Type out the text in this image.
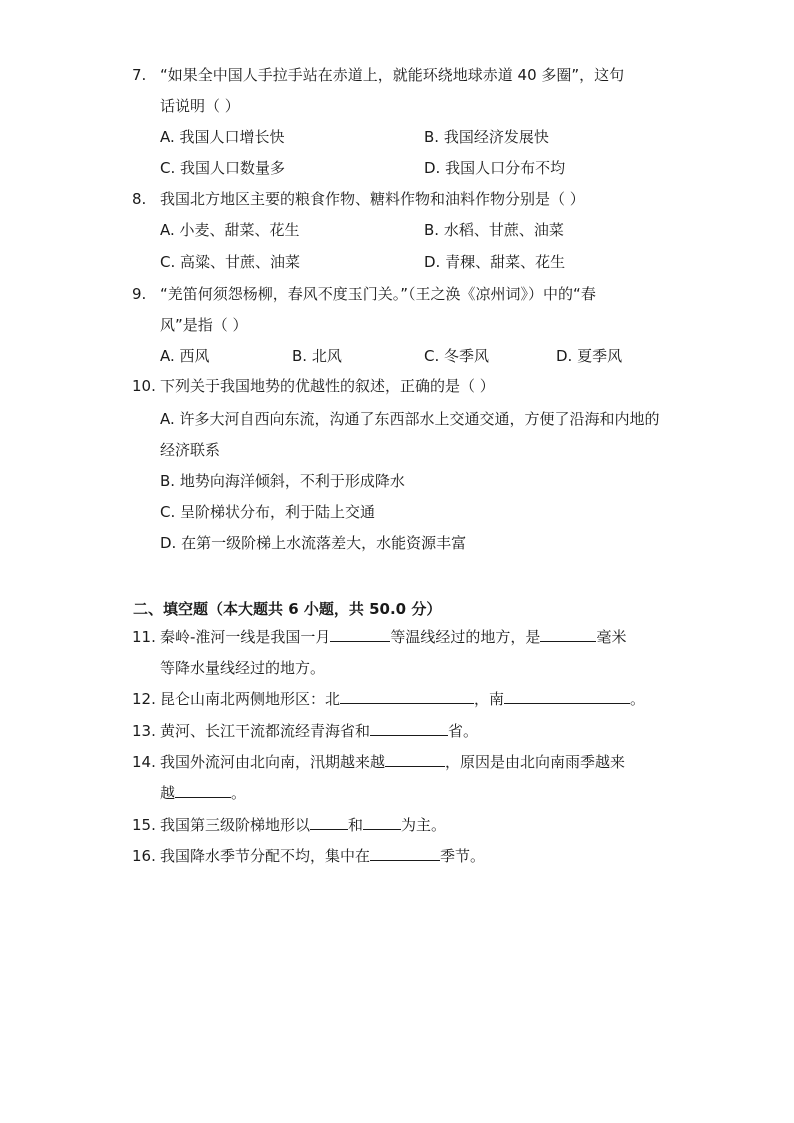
7. “如果全中国人手拉手站在赤道上，就能环绕地球赤道 40 多圈”，这句
话说明（ ）
A. 我国人口增长快	B. 我国经济发展快
C. 我国人口数量多	D. 我国人口分布不均
8. 我国北方地区主要的粮食作物、糖料作物和油料作物分别是（ ）
A. 小麦、甜菜、花生	B. 水稻、甘蔗、油菜
C. 高粱、甘蔗、油菜	D. 青稞、甜菜、花生
9. “羌笛何须怨杨柳，春风不度玉门关。”（王之涣《凉州词》）中的“春
风”是指（ ）
A. 西风	B. 北风	C. 冬季风	D. 夏季风
10. 下列关于我国地势的优越性的叙述，正确的是（ ）
A. 许多大河自西向东流，沟通了东西部水上交通交通，方便了沿海和内地的
经济联系
B. 地势向海洋倾斜，不利于形成降水
C. 呈阶梯状分布，利于陆上交通
D. 在第一级阶梯上水流落差大，水能资源丰富
二、填空题（本大题共 6 小题，共 50.0 分）
11. 秦岭-淮河一线是我国一月	等温线经过的地方，是	毫米
等降水量线经过的地方。
12. 昆仑山南北两侧地形区：北	，南	。
13. 黄河、长江干流都流经青海省和	省。
14. 我国外流河由北向南，汛期越来越	，原因是由北向南雨季越来
越	。
15. 我国第三级阶梯地形以	和	为主。
16. 我国降水季节分配不均，集中在	季节。
